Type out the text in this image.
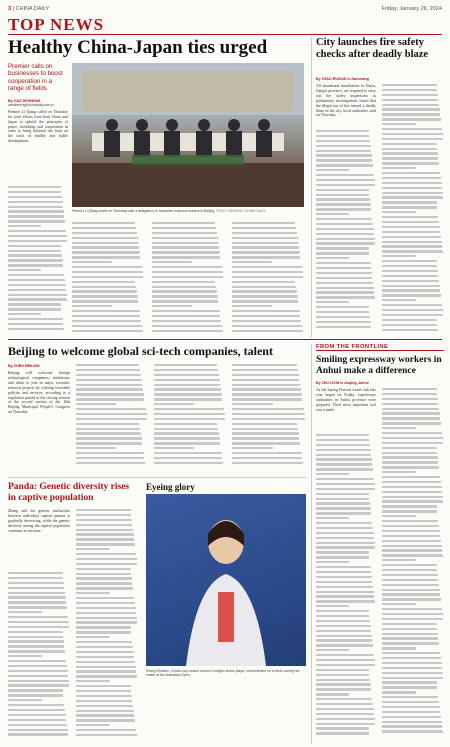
3 | CHINA DAILY	Friday, January 26, 2024
TOP NEWS
Healthy China-Japan ties urged
Premier calls on businesses to boost cooperation in a range of fields
By CAO DESHENG
caodesheng@chinadaily.com.cn
Premier Li Qiang called on Thursday for joint efforts from both China and Japan to uphold the principles of peace, friendship and cooperation in order to bring bilateral ties back on the track of healthy and stable development.
Premier Li Qiang meets on Thursday with a delegation of Japanese business leaders in Beijing. FENG YONGBIN / CHINA DAILY
City launches fire safety checks after deadly blaze
By ZHAO RUIXUE in Nanchang
All abandoned installations in Xinyu, Jiangxi province, are required to carry out fire safety inspections as preliminary investigations found that the illegal use of fire caused a deadly blaze in the city, local authorities said on Thursday.
Beijing to welcome global sci-tech companies, talent
By CHEN MEILING
Beijing will welcome foreign technological companies, institutions and talent to join in major scientific research projects by offering favorable policies and services, according to a regulation passed at the closing session of the second session of the 16th Beijing Municipal People's Congress on Thursday.
Panda: Genetic diversity rises in captive population
Zhang said the genetic similarities between individual captive pandas is gradually decreasing, while the genetic diversity among the captive population continues to increase.
Eyeing glory
Zhang Shuwen, China's top-ranked women's singles tennis player, concentrates on a return during her match at the Australian Open.
FROM THE FRONTLINE
Smiling expressway workers in Anhui make a difference
By ZHU LIXIN in Anqing, Anhui
As the Spring Festival travel rush this year began on Friday, expressway authorities in Anhui province were prepared. Their most important tool was a smile.
